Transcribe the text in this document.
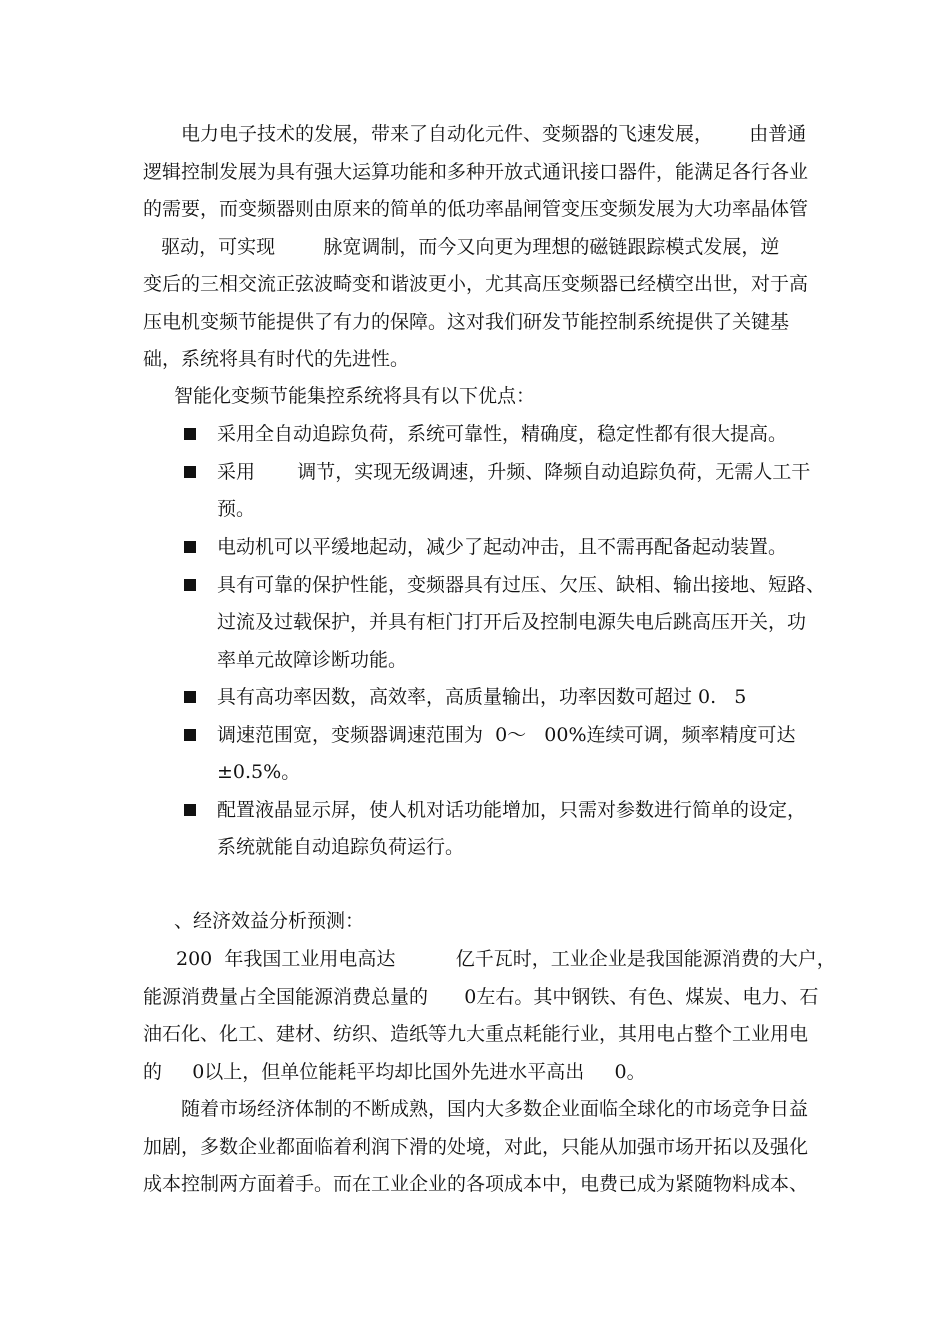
电力电子技术的发展，带来了自动化元件、变频器的飞速发展，      由普通
逻辑控制发展为具有强大运算功能和多种开放式通讯接口器件，能满足各行各业
的需要，而变频器则由原来的简单的低功率晶闸管变压变频发展为大功率晶体管
驱动，可实现        脉宽调制，而今又向更为理想的磁链跟踪模式发展，逆
变后的三相交流正弦波畸变和谐波更小，尤其高压变频器已经横空出世，对于高
压电机变频节能提供了有力的保障。这对我们研发节能控制系统提供了关键基
础，系统将具有时代的先进性。
智能化变频节能集控系统将具有以下优点：
采用全自动追踪负荷，系统可靠性，精确度，稳定性都有很大提高。
采用       调节，实现无级调速，升频、降频自动追踪负荷，无需人工干
预。
电动机可以平缓地起动，减少了起动冲击，且不需再配备起动装置。
具有可靠的保护性能，变频器具有过压、欠压、缺相、输出接地、短路、
过流及过载保护，并具有柜门打开后及控制电源失电后跳高压开关，功
率单元故障诊断功能。
具有高功率因数，高效率，高质量输出，功率因数可超过 0.   5
调速范围宽，变频器调速范围为  0～   00%连续可调，频率精度可达
±0.5%。
配置液晶显示屏，使人机对话功能增加，只需对参数进行简单的设定，
系统就能自动追踪负荷运行。
、经济效益分析预测：
200  年我国工业用电高达          亿千瓦时，工业企业是我国能源消费的大户，
能源消费量占全国能源消费总量的      0左右。其中钢铁、有色、煤炭、电力、石
油石化、化工、建材、纺织、造纸等九大重点耗能行业，其用电占整个工业用电
的     0以上，但单位能耗平均却比国外先进水平高出     0。
随着市场经济体制的不断成熟，国内大多数企业面临全球化的市场竞争日益
加剧，多数企业都面临着利润下滑的处境，对此，只能从加强市场开拓以及强化
成本控制两方面着手。而在工业企业的各项成本中，电费已成为紧随物料成本、
